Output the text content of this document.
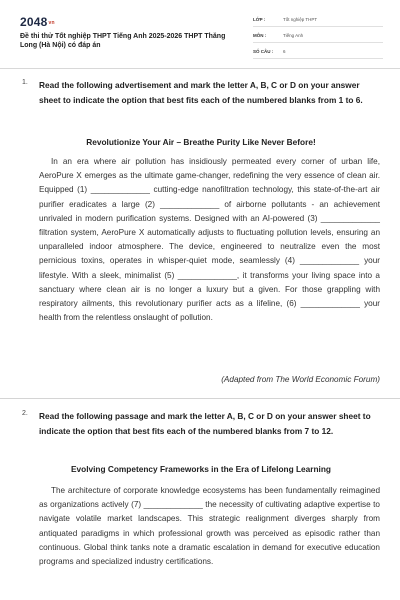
2048vn
Đề thi thử Tốt nghiệp THPT Tiếng Anh 2025-2026 THPT Thăng Long (Hà Nội) có đáp án
LỚP :	Tốt nghiệp THPT
MÔN :	Tiếng Anh
SỐ CÂU : 6
1. Read the following advertisement and mark the letter A, B, C or D on your answer sheet to indicate the option that best fits each of the numbered blanks from 1 to 6.
Revolutionize Your Air – Breathe Purity Like Never Before!

In an era where air pollution has insidiously permeated every corner of urban life, AeroPure X emerges as the ultimate game-changer, redefining the very essence of clean air. Equipped (1) _____________ cutting-edge nanofiltration technology, this state-of-the-art air purifier eradicates a large (2) _____________ of airborne pollutants - an achievement unrivaled in modern purification systems. Designed with an AI-powered (3) _____________ filtration system, AeroPure X automatically adjusts to fluctuating pollution levels, ensuring an unparalleled indoor atmosphere. The device, engineered to neutralize even the most pernicious toxins, operates in whisper-quiet mode, seamlessly (4) _____________ your lifestyle. With a sleek, minimalist (5) _____________, it transforms your living space into a sanctuary where clean air is no longer a luxury but a given. For those grappling with respiratory ailments, this revolutionary purifier acts as a lifeline, (6) _____________ your health from the relentless onslaught of pollution.

(Adapted from The World Economic Forum)
2. Read the following passage and mark the letter A, B, C or D on your answer sheet to indicate the option that best fits each of the numbered blanks from 7 to 12.
Evolving Competency Frameworks in the Era of Lifelong Learning

The architecture of corporate knowledge ecosystems has been fundamentally reimagined as organizations actively (7) _____________ the necessity of cultivating adaptive expertise to navigate volatile market landscapes. This strategic realignment diverges sharply from antiquated paradigms in which professional growth was perceived as episodic rather than continuous. Global think tanks note a dramatic escalation in demand for executive education programs and specialized industry certifications.
